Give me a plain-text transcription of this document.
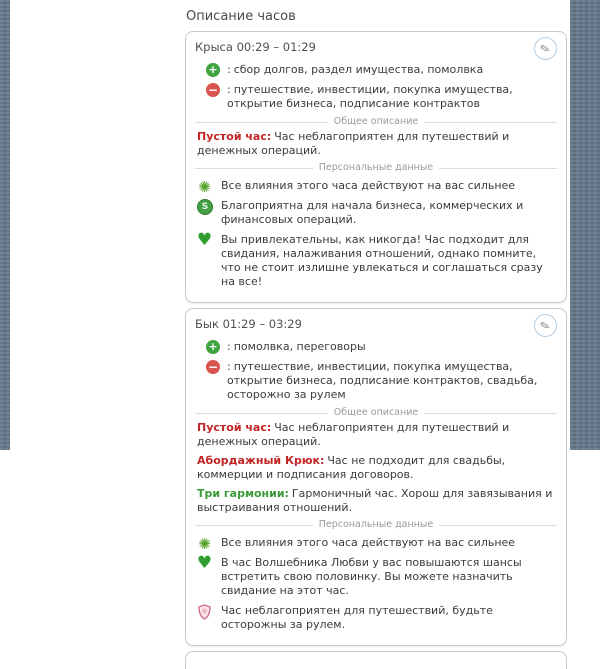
Описание часов
Крыса 00:29 – 01:29	✎
+ : сбор долгов, раздел имущества, помолвка
− : путешествие, инвестиции, покупка имущества, открытие бизнеса, подписание контрактов
Общее описание
Пустой час: Час неблагоприятен для путешествий и денежных операций.
Персональные данные
✺ Все влияния этого часа действуют на вас сильнее
S	Благоприятна для начала бизнеса, коммерческих и финансовых операций.
♥ Вы привлекательны, как никогда! Час подходит для свидания, налаживания отношений, однако помните, что не стоит излишне увлекаться и соглашаться сразу на все!
Бык 01:29 – 03:29	✎
+ : помолвка, переговоры
− : путешествие, инвестиции, покупка имущества, открытие бизнеса, подписание контрактов, свадьба, осторожно за рулем
Общее описание
Пустой час: Час неблагоприятен для путешествий и денежных операций.
Абордажный Крюк: Час не подходит для свадьбы, коммерции и подписания договоров.
Три гармонии: Гармоничный час. Хорош для завязывания и выстраивания отношений.
Персональные данные
✺ Все влияния этого часа действуют на вас сильнее
♥ В час Волшебника Любви у вас повышаются шансы встретить свою половинку. Вы можете назначить свидание на этот час.
Час неблагоприятен для путешествий, будьте осторожны за рулем.
